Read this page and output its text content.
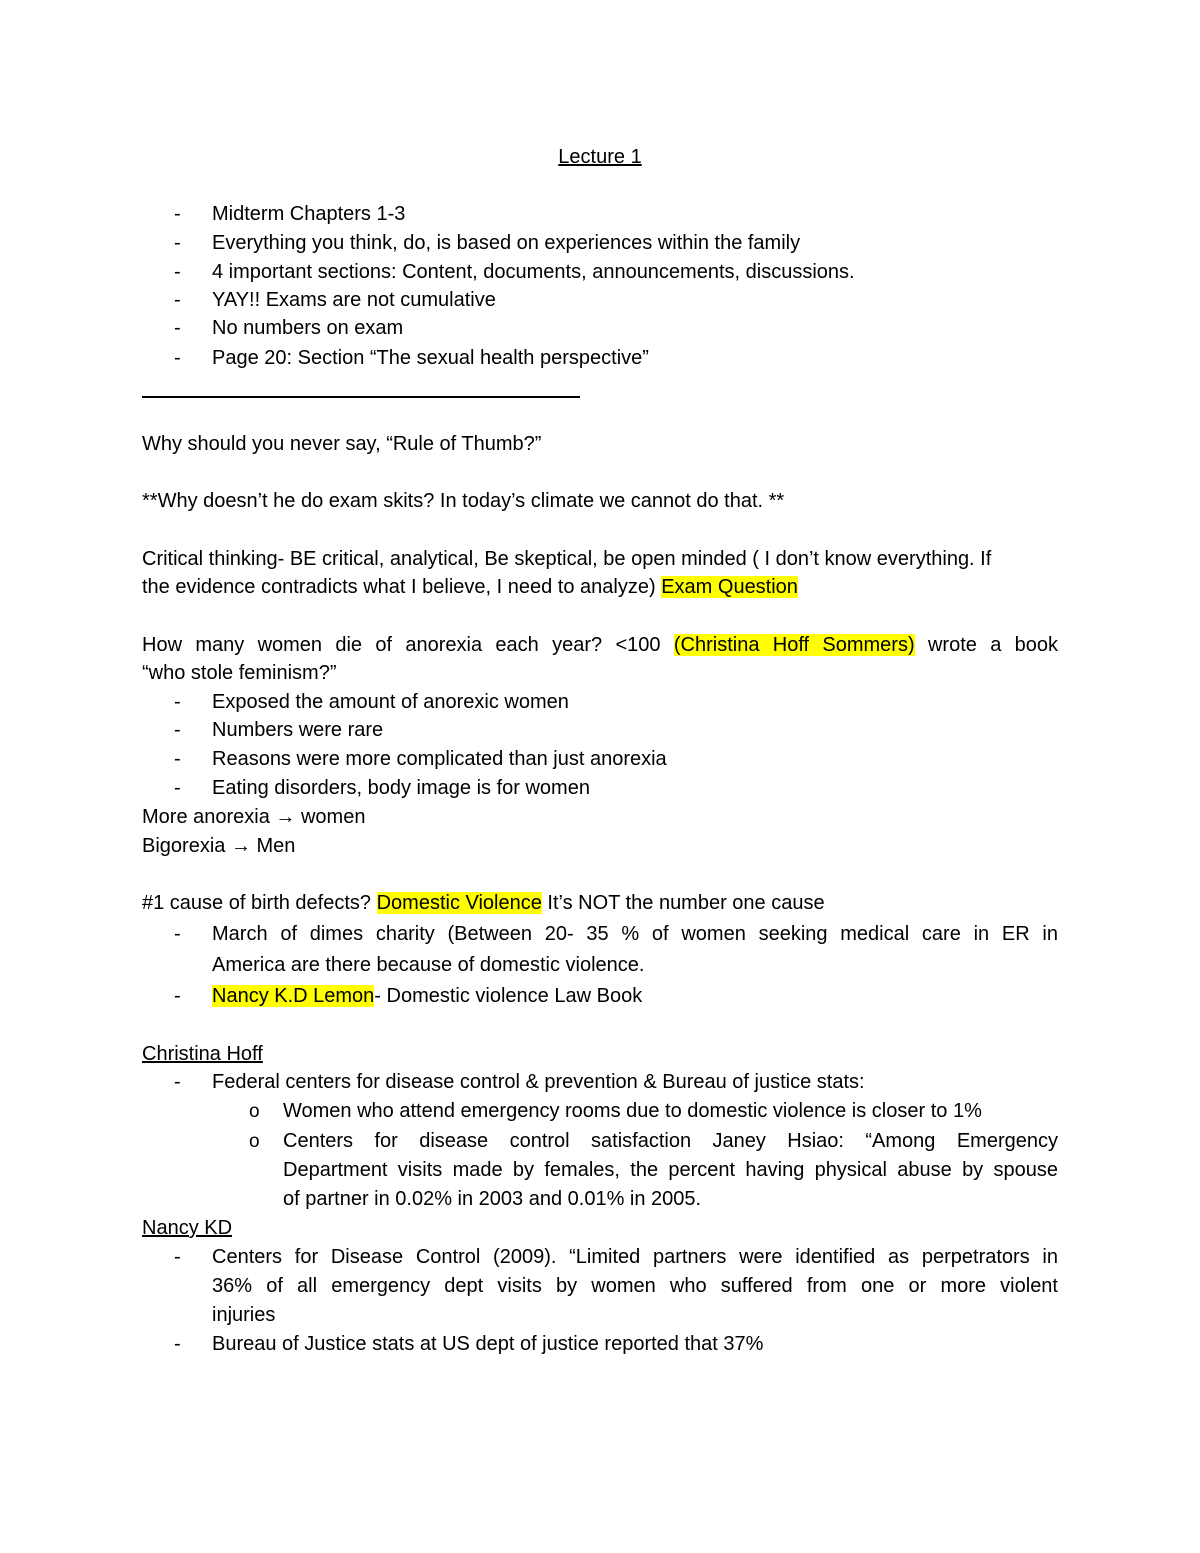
Lecture 1
- Midterm Chapters 1-3
- Everything you think, do, is based on experiences within the family
- 4 important sections: Content, documents, announcements, discussions.
- YAY!! Exams are not cumulative
- No numbers on exam
- Page 20: Section “The sexual health perspective”
Why should you never say, “Rule of Thumb?”
**Why doesn’t he do exam skits? In today’s climate we cannot do that. **
Critical thinking- BE critical, analytical, Be skeptical, be open minded ( I don’t know everything. If
the evidence contradicts what I believe, I need to analyze) Exam Question
How many women die of anorexia each year? <100 (Christina Hoff Sommers) wrote a book
“who stole feminism?”
- Exposed the amount of anorexic women
- Numbers were rare
- Reasons were more complicated than just anorexia
- Eating disorders, body image is for women
More anorexia → women
Bigorexia → Men
#1 cause of birth defects? Domestic Violence It’s NOT the number one cause
- March of dimes charity (Between 20- 35 % of women seeking medical care in ER in
America are there because of domestic violence.
- Nancy K.D Lemon- Domestic violence Law Book
Christina Hoff
- Federal centers for disease control & prevention & Bureau of justice stats:
o Women who attend emergency rooms due to domestic violence is closer to 1%
o Centers for disease control satisfaction Janey Hsiao: “Among Emergency
Department visits made by females, the percent having physical abuse by spouse
of partner in 0.02% in 2003 and 0.01% in 2005.
Nancy KD
- Centers for Disease Control (2009). “Limited partners were identified as perpetrators in
36% of all emergency dept visits by women who suffered from one or more violent
injuries
- Bureau of Justice stats at US dept of justice reported that 37%
